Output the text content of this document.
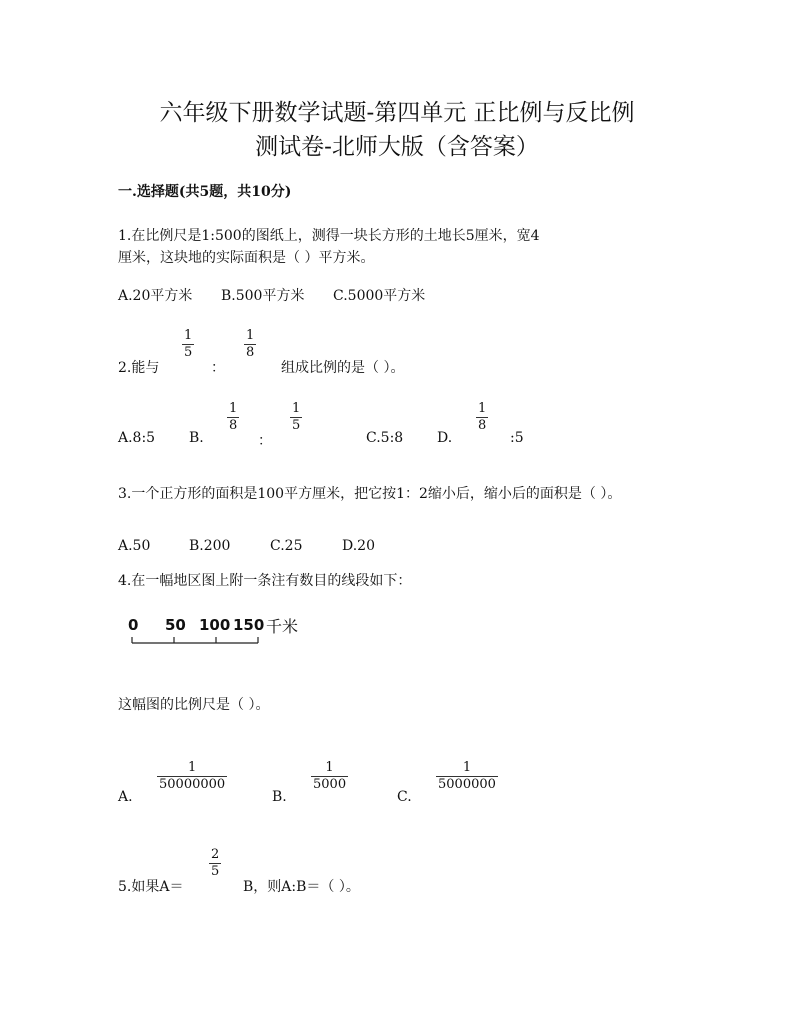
六年级下册数学试题-第四单元 正比例与反比例
测试卷-北师大版（含答案）
一.选择题(共5题，共10分)
1.在比例尺是1:500的图纸上，测得一块长方形的土地长5厘米，宽4
厘米，这块地的实际面积是（ ）平方米。
A.20平方米 B.500平方米 C.5000平方米
2.能与
1
5
：
1
8
组成比例的是（ ）。
A.8:5 B.
1
8
：
1
5
C.5:8 D.
1
8
:5
3.一个正方形的面积是100平方厘米，把它按1：2缩小后，缩小后的面积是（ ）。
A.50	B.200	C.25	D.20
4.在一幅地区图上附一条注有数目的线段如下：
0 50 100 150 千米
这幅图的比例尺是（ ）。
A.
1
50000000
B.
1
5000
C.
1
5000000
5.如果A＝
2
5
B，则A:B＝（ ）。
